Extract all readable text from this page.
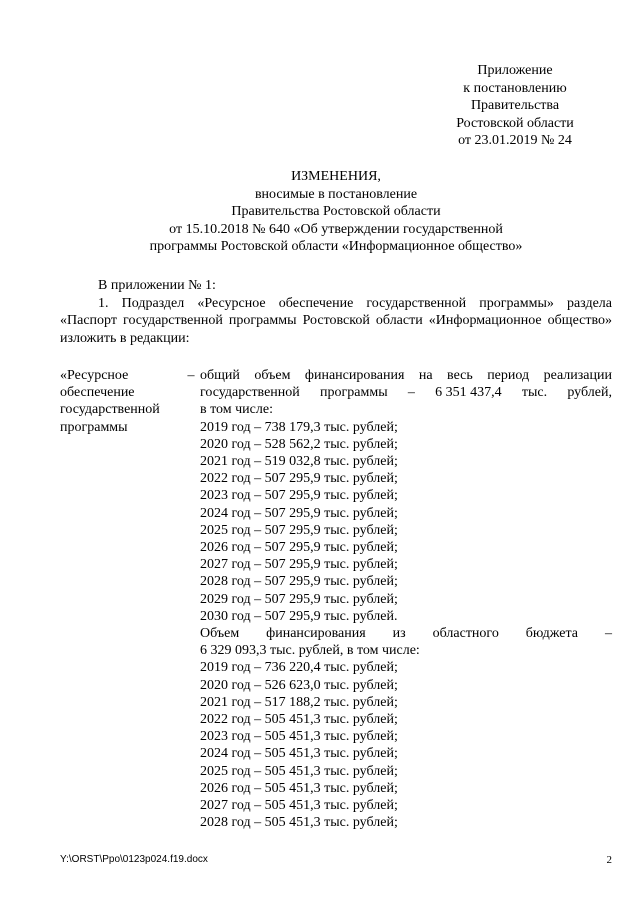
Приложение
к постановлению
Правительства
Ростовской области
от 23.01.2019 № 24
ИЗМЕНЕНИЯ,
вносимые в постановление
Правительства Ростовской области
от 15.10.2018 № 640 «Об утверждении государственной
программы Ростовской области «Информационное общество»

В приложении № 1:

1. Подраздел «Ресурсное обеспечение государственной программы» раздела «Паспорт государственной программы Ростовской области «Информационное общество» изложить в редакции:

«Ресурсное
обеспечение
государственной
программы
– общий объем финансирования на весь период реализации
государственной программы – 6 351 437,4 тыс. рублей,
в том числе:
2019 год – 738 179,3 тыс. рублей;
2020 год – 528 562,2 тыс. рублей;
2021 год – 519 032,8 тыс. рублей;
2022 год – 507 295,9 тыс. рублей;
2023 год – 507 295,9 тыс. рублей;
2024 год – 507 295,9 тыс. рублей;
2025 год – 507 295,9 тыс. рублей;
2026 год – 507 295,9 тыс. рублей;
2027 год – 507 295,9 тыс. рублей;
2028 год – 507 295,9 тыс. рублей;
2029 год – 507 295,9 тыс. рублей;
2030 год – 507 295,9 тыс. рублей.
Объем финансирования из областного бюджета –
6 329 093,3 тыс. рублей, в том числе:
2019 год – 736 220,4 тыс. рублей;
2020 год – 526 623,0 тыс. рублей;
2021 год – 517 188,2 тыс. рублей;
2022 год – 505 451,3 тыс. рублей;
2023 год – 505 451,3 тыс. рублей;
2024 год – 505 451,3 тыс. рублей;
2025 год – 505 451,3 тыс. рублей;
2026 год – 505 451,3 тыс. рублей;
2027 год – 505 451,3 тыс. рублей;
2028 год – 505 451,3 тыс. рублей;
Y:\ORST\Ppo\0123p024.f19.docx	2
